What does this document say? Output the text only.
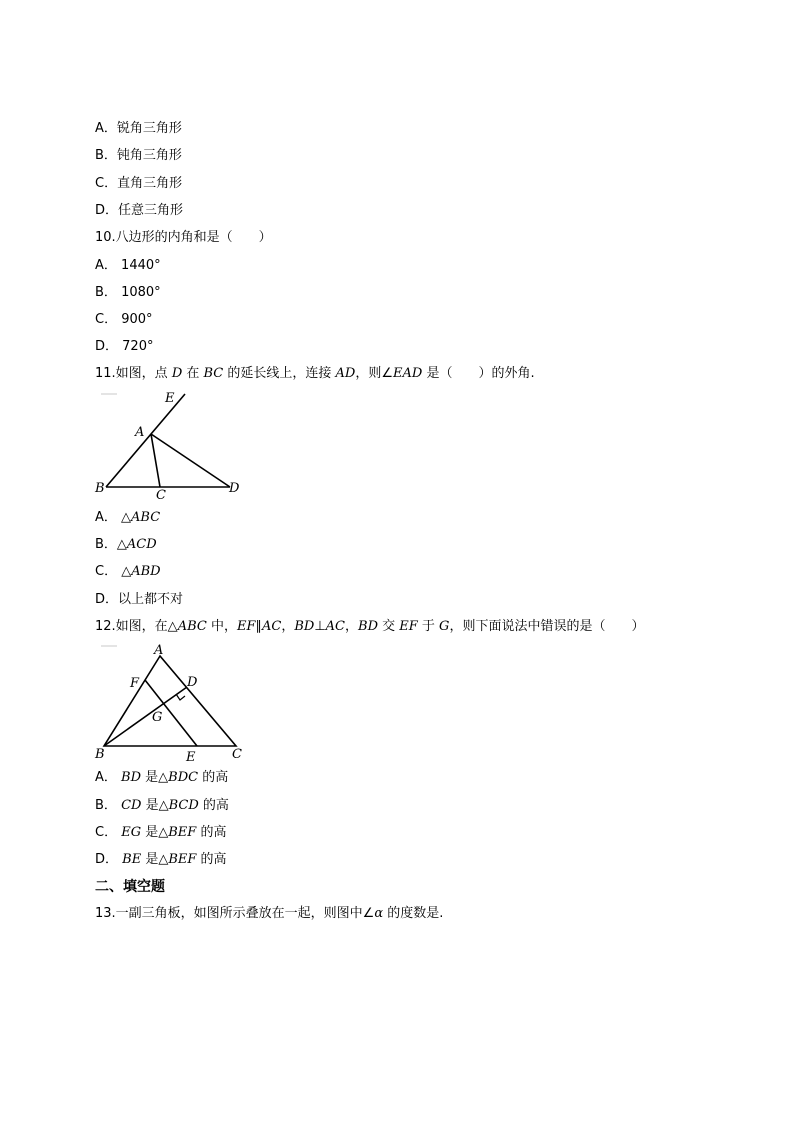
A．锐角三角形
B．钝角三角形
C．直角三角形
D．任意三角形
10.八边形的内角和是（　　）
A． 1440°
B． 1080°
C． 900°
D． 720°
11.如图，点 D 在 BC 的延长线上，连接 AD，则∠EAD 是（　　）的外角.
E
A
B	C	D
A． △ABC
B．△ACD
C． △ABD
D．以上都不对
12.如图，在△ABC 中，EF∥AC，BD⊥AC，BD 交 EF 于 G，则下面说法中错误的是（　　）
A
F	D
G
B	E	C
A． BD 是△BDC 的高
B． CD 是△BCD 的高
C． EG 是△BEF 的高
D． BE 是△BEF 的高
二、填空题
13.一副三角板，如图所示叠放在一起，则图中∠α 的度数是.
